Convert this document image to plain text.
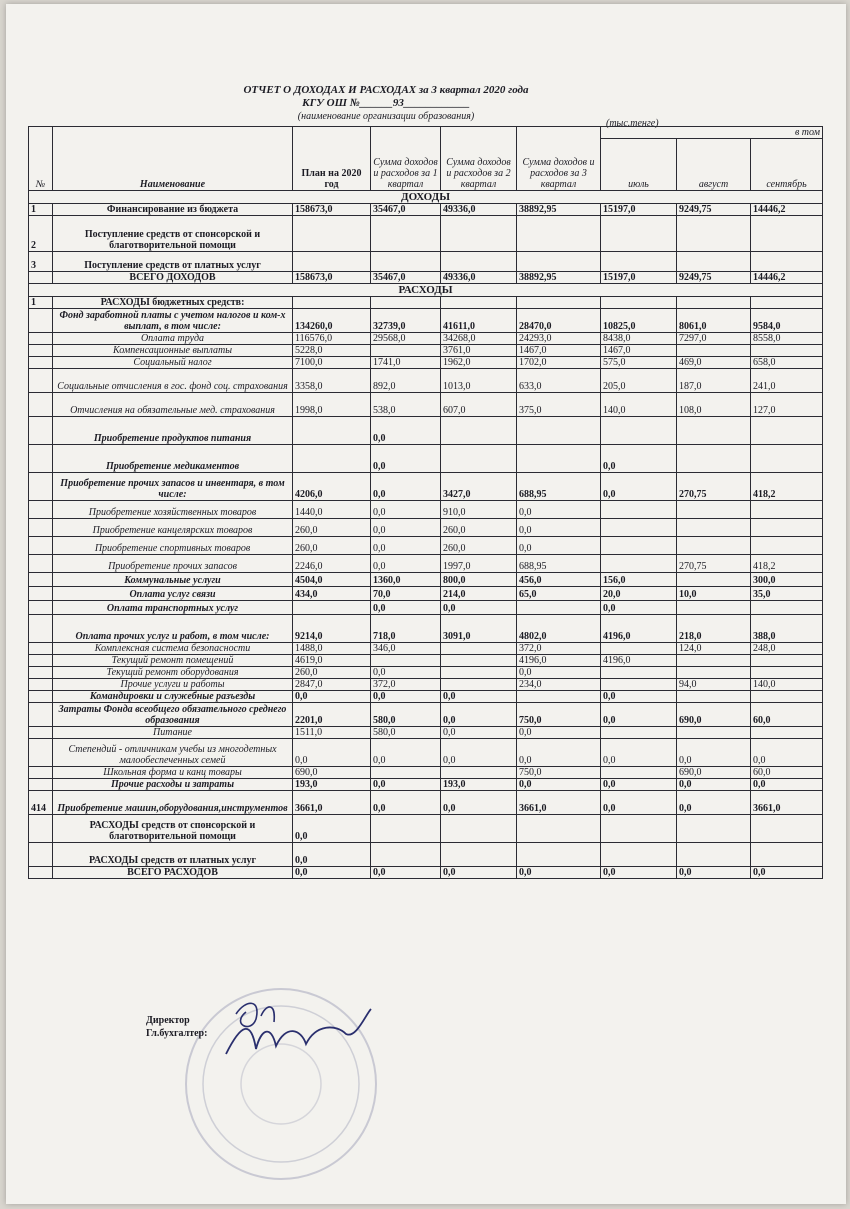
ОТЧЕТ О ДОХОДАХ И РАСХОДАХ за 3 квартал 2020 года
КГУ ОШ №______93____________
(наименование организации образования)
(тыс.тенге)
№	Наименование	План на 2020 год	Сумма доходов и расходов за 1 квартал	Сумма доходов и расходов за 2 квартал	Сумма доходов и расходов за 3 квартал	в том		
						июль	август	сентябрь
ДОХОДЫ								
1	Финансирование из бюджета	158673,0	35467,0	49336,0	38892,95	15197,0	9249,75	14446,2
2	Поступление средств от спонсорской и благотворительной помощи							
3	Поступление средств от платных услуг							
	ВСЕГО ДОХОДОВ	158673,0	35467,0	49336,0	38892,95	15197,0	9249,75	14446,2
РАСХОДЫ								
1	РАСХОДЫ бюджетных средств:							
	Фонд заработной платы с учетом налогов и ком-х выплат, в том числе:	134260,0	32739,0	41611,0	28470,0	10825,0	8061,0	9584,0
	Оплата труда	116576,0	29568,0	34268,0	24293,0	8438,0	7297,0	8558,0
	Компенсационные выплаты	5228,0		3761,0	1467,0	1467,0		
	Социальный налог	7100,0	1741,0	1962,0	1702,0	575,0	469,0	658,0
	Социальные отчисления в гос. фонд соц. страхования	3358,0	892,0	1013,0	633,0	205,0	187,0	241,0
	Отчисления на обязательные мед. страхования	1998,0	538,0	607,0	375,0	140,0	108,0	127,0
	Приобретение продуктов питания		0,0					
	Приобретение медикаментов		0,0			0,0		
	Приобретение прочих запасов и инвентаря, в том числе:	4206,0	0,0	3427,0	688,95	0,0	270,75	418,2
	Приобретение хозяйственных товаров	1440,0	0,0	910,0	0,0			
	Приобретение канцелярских товаров	260,0	0,0	260,0	0,0			
	Приобретение спортивных товаров	260,0	0,0	260,0	0,0			
	Приобретение прочих запасов	2246,0	0,0	1997,0	688,95		270,75	418,2
	Коммунальные услуги	4504,0	1360,0	800,0	456,0	156,0		300,0
	Оплата услуг связи	434,0	70,0	214,0	65,0	20,0	10,0	35,0
	Оплата транспортных услуг		0,0	0,0		0,0		
	Оплата прочих услуг и работ, в том числе:	9214,0	718,0	3091,0	4802,0	4196,0	218,0	388,0
	Комплексная система безопасности	1488,0	346,0		372,0		124,0	248,0
	Текущий ремонт помещений	4619,0			4196,0	4196,0		
	Текущий ремонт оборудования	260,0	0,0		0,0			
	Прочие услуги и работы	2847,0	372,0		234,0		94,0	140,0
	Командировки и служебные разъезды	0,0	0,0	0,0		0,0		
	Затраты Фонда всеобщего обязательного среднего образования	2201,0	580,0	0,0	750,0	0,0	690,0	60,0
	Питание	1511,0	580,0	0,0	0,0			
	Степендий - отличникам учебы из многодетных малообеспеченных семей	0,0	0,0	0,0	0,0	0,0	0,0	0,0
	Школьная форма и канц товары	690,0			750,0		690,0	60,0
	Прочие расходы и затраты	193,0	0,0	193,0	0,0	0,0	0,0	0,0
414	Приобретение машин,оборудования,инструментов	3661,0	0,0	0,0	3661,0	0,0	0,0	3661,0
	РАСХОДЫ средств от спонсорской и благотворительной помощи	0,0						
	РАСХОДЫ средств от платных услуг	0,0						
	ВСЕГО РАСХОДОВ	0,0	0,0	0,0	0,0	0,0	0,0	0,0
Директор
Гл.бухгалтер:
